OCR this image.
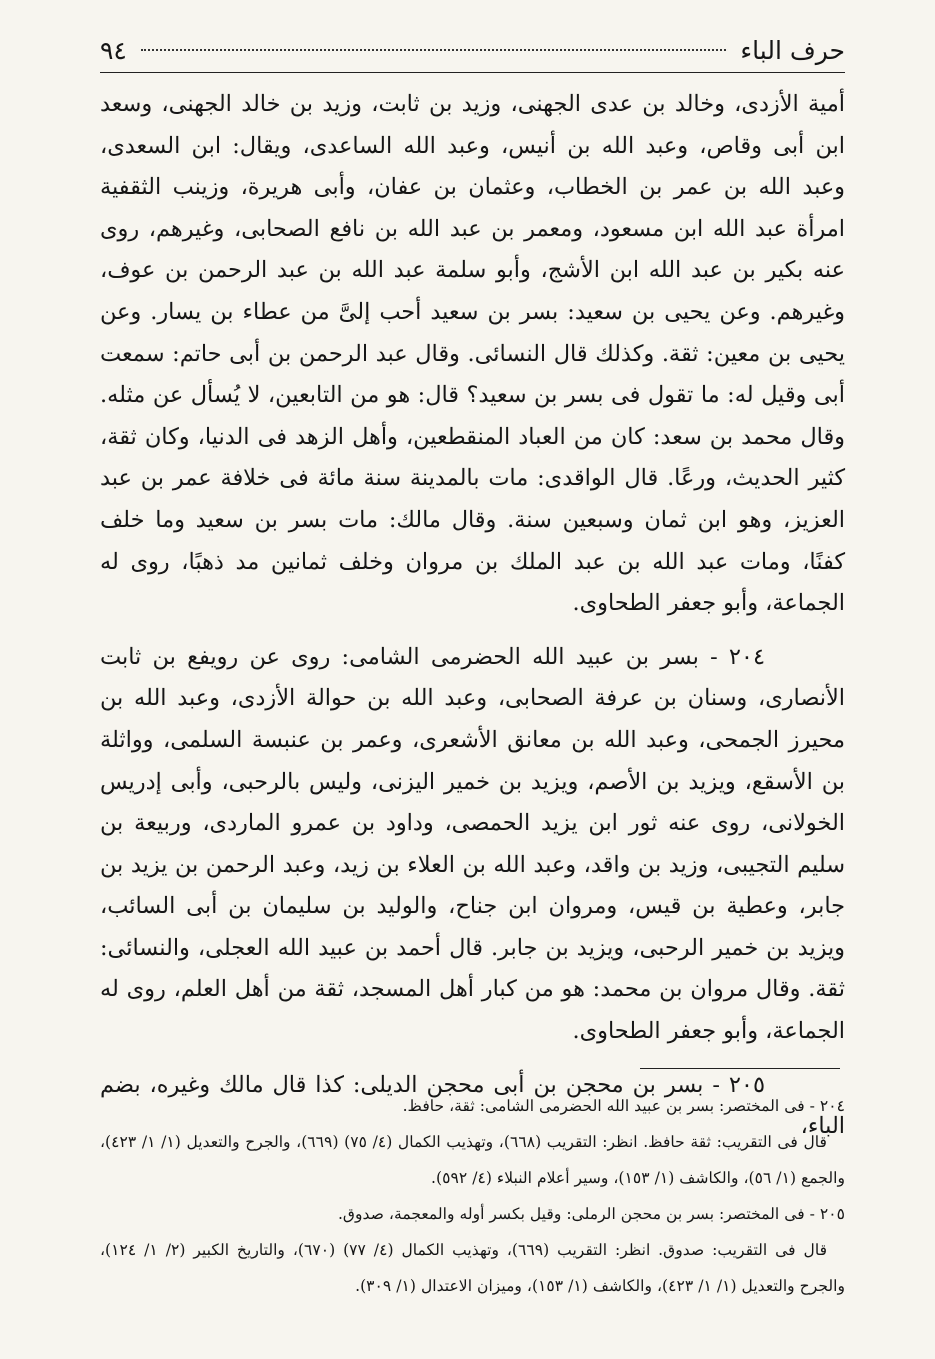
حرف الباء
٩٤

أمية الأزدى، وخالد بن عدى الجهنى، وزيد بن ثابت، وزيد بن خالد الجهنى، وسعد ابن أبى وقاص، وعبد الله بن أنيس، وعبد الله الساعدى، ويقال: ابن السعدى، وعبد الله بن عمر بن الخطاب، وعثمان بن عفان، وأبى هريرة، وزينب الثقفية امرأة عبد الله ابن مسعود، ومعمر بن عبد الله بن نافع الصحابى، وغيرهم، روى عنه بكير بن عبد الله ابن الأشج، وأبو سلمة عبد الله بن عبد الرحمن بن عوف، وغيرهم. وعن يحيى بن سعيد: بسر بن سعيد أحب إلىَّ من عطاء بن يسار. وعن يحيى بن معين: ثقة. وكذلك قال النسائى. وقال عبد الرحمن بن أبى حاتم: سمعت أبى وقيل له: ما تقول فى بسر بن سعيد؟ قال: هو من التابعين، لا يُسأل عن مثله. وقال محمد بن سعد: كان من العباد المنقطعين، وأهل الزهد فى الدنيا، وكان ثقة، كثير الحديث، ورعًا. قال الواقدى: مات بالمدينة سنة مائة فى خلافة عمر بن عبد العزيز، وهو ابن ثمان وسبعين سنة. وقال مالك: مات بسر بن سعيد وما خلف كفنًا، ومات عبد الله بن عبد الملك بن مروان وخلف ثمانين مد ذهبًا، روى له الجماعة، وأبو جعفر الطحاوى.

٢٠٤ - بسر بن عبيد الله الحضرمى الشامى: روى عن رويفع بن ثابت الأنصارى، وسنان بن عرفة الصحابى، وعبد الله بن حوالة الأزدى، وعبد الله بن محيرز الجمحى، وعبد الله بن معانق الأشعرى، وعمر بن عنبسة السلمى، وواثلة بن الأسقع، ويزيد بن الأصم، ويزيد بن خمير اليزنى، وليس بالرحبى، وأبى إدريس الخولانى، روى عنه ثور ابن يزيد الحمصى، وداود بن عمرو الماردى، وربيعة بن سليم التجيبى، وزيد بن واقد، وعبد الله بن العلاء بن زيد، وعبد الرحمن بن يزيد بن جابر، وعطية بن قيس، ومروان ابن جناح، والوليد بن سليمان بن أبى السائب، ويزيد بن خمير الرحبى، ويزيد بن جابر. قال أحمد بن عبيد الله العجلى، والنسائى: ثقة. وقال مروان بن محمد: هو من كبار أهل المسجد، ثقة من أهل العلم، روى له الجماعة، وأبو جعفر الطحاوى.

٢٠٥ - بسر بن محجن بن أبى محجن الديلى: كذا قال مالك وغيره، بضم الباء،

٢٠٤ - فى المختصر: بسر بن عبيد الله الحضرمى الشامى: ثقة، حافظ.

قال فى التقريب: ثقة حافظ. انظر: التقريب (٦٦٨)، وتهذيب الكمال (٤/ ٧٥) (٦٦٩)، والجرح والتعديل (١/ ١/ ٤٢٣)، والجمع (١/ ٥٦)، والكاشف (١/ ١٥٣)، وسير أعلام النبلاء (٤/ ٥٩٢).

٢٠٥ - فى المختصر: بسر بن محجن الرملى: وقيل بكسر أوله والمعجمة، صدوق.

قال فى التقريب: صدوق. انظر: التقريب (٦٦٩)، وتهذيب الكمال (٤/ ٧٧) (٦٧٠)، والتاريخ الكبير (٢/ ١/ ١٢٤)، والجرح والتعديل (١/ ١/ ٤٢٣)، والكاشف (١/ ١٥٣)، وميزان الاعتدال (١/ ٣٠٩).
